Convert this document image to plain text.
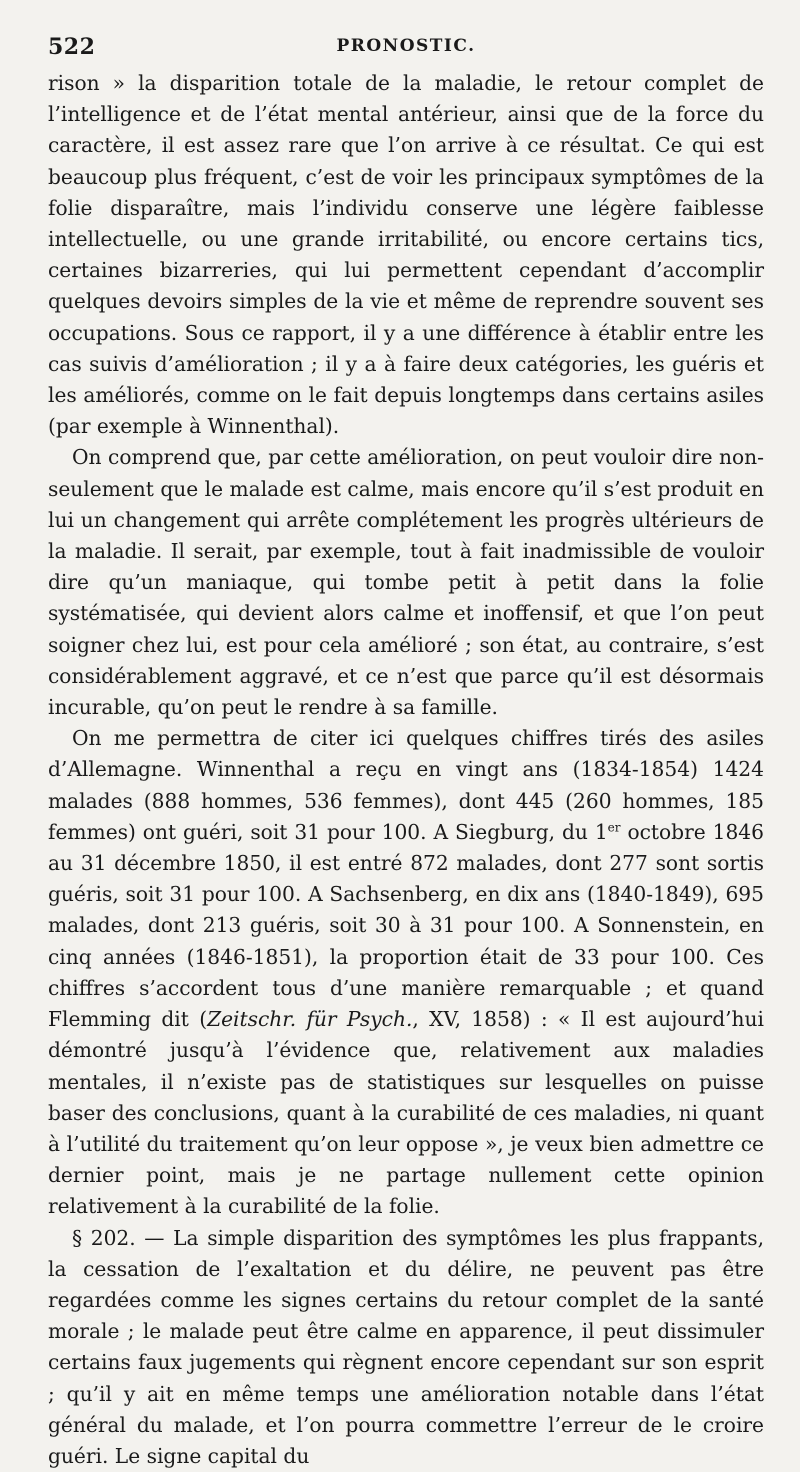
522	PRONOSTIC.

rison » la disparition totale de la maladie, le retour complet de l’intelligence et de l’état mental antérieur, ainsi que de la force du caractère, il est assez rare que l’on arrive à ce résultat. Ce qui est beaucoup plus fréquent, c’est de voir les principaux symptômes de la folie disparaître, mais l’individu conserve une légère faiblesse intellectuelle, ou une grande irritabilité, ou encore certains tics, certaines bizarreries, qui lui permettent cependant d’accomplir quelques devoirs simples de la vie et même de reprendre souvent ses occupations. Sous ce rapport, il y a une différence à établir entre les cas suivis d’amélioration ; il y a à faire deux catégories, les guéris et les améliorés, comme on le fait depuis longtemps dans certains asiles (par exemple à Winnenthal).

On comprend que, par cette amélioration, on peut vouloir dire non-seulement que le malade est calme, mais encore qu’il s’est produit en lui un changement qui arrête complétement les progrès ultérieurs de la maladie. Il serait, par exemple, tout à fait inadmissible de vouloir dire qu’un maniaque, qui tombe petit à petit dans la folie systématisée, qui devient alors calme et inoffensif, et que l’on peut soigner chez lui, est pour cela amélioré ; son état, au contraire, s’est considérablement aggravé, et ce n’est que parce qu’il est désormais incurable, qu’on peut le rendre à sa famille.

On me permettra de citer ici quelques chiffres tirés des asiles d’Allemagne. Winnenthal a reçu en vingt ans (1834-1854) 1424 malades (888 hommes, 536 femmes), dont 445 (260 hommes, 185 femmes) ont guéri, soit 31 pour 100. A Siegburg, du 1er octobre 1846 au 31 décembre 1850, il est entré 872 malades, dont 277 sont sortis guéris, soit 31 pour 100. A Sachsenberg, en dix ans (1840-1849), 695 malades, dont 213 guéris, soit 30 à 31 pour 100. A Sonnenstein, en cinq années (1846-1851), la proportion était de 33 pour 100. Ces chiffres s’accordent tous d’une manière remarquable ; et quand Flemming dit (Zeitschr. für Psych., XV, 1858) : « Il est aujourd’hui démontré jusqu’à l’évidence que, relativement aux maladies mentales, il n’existe pas de statistiques sur lesquelles on puisse baser des conclusions, quant à la curabilité de ces maladies, ni quant à l’utilité du traitement qu’on leur oppose », je veux bien admettre ce dernier point, mais je ne partage nullement cette opinion relativement à la curabilité de la folie.

§ 202. — La simple disparition des symptômes les plus frappants, la cessation de l’exaltation et du délire, ne peuvent pas être regardées comme les signes certains du retour complet de la santé morale ; le malade peut être calme en apparence, il peut dissimuler certains faux jugements qui règnent encore cependant sur son esprit ; qu’il y ait en même temps une amélioration notable dans l’état général du malade, et l’on pourra commettre l’erreur de le croire guéri. Le signe capital du
